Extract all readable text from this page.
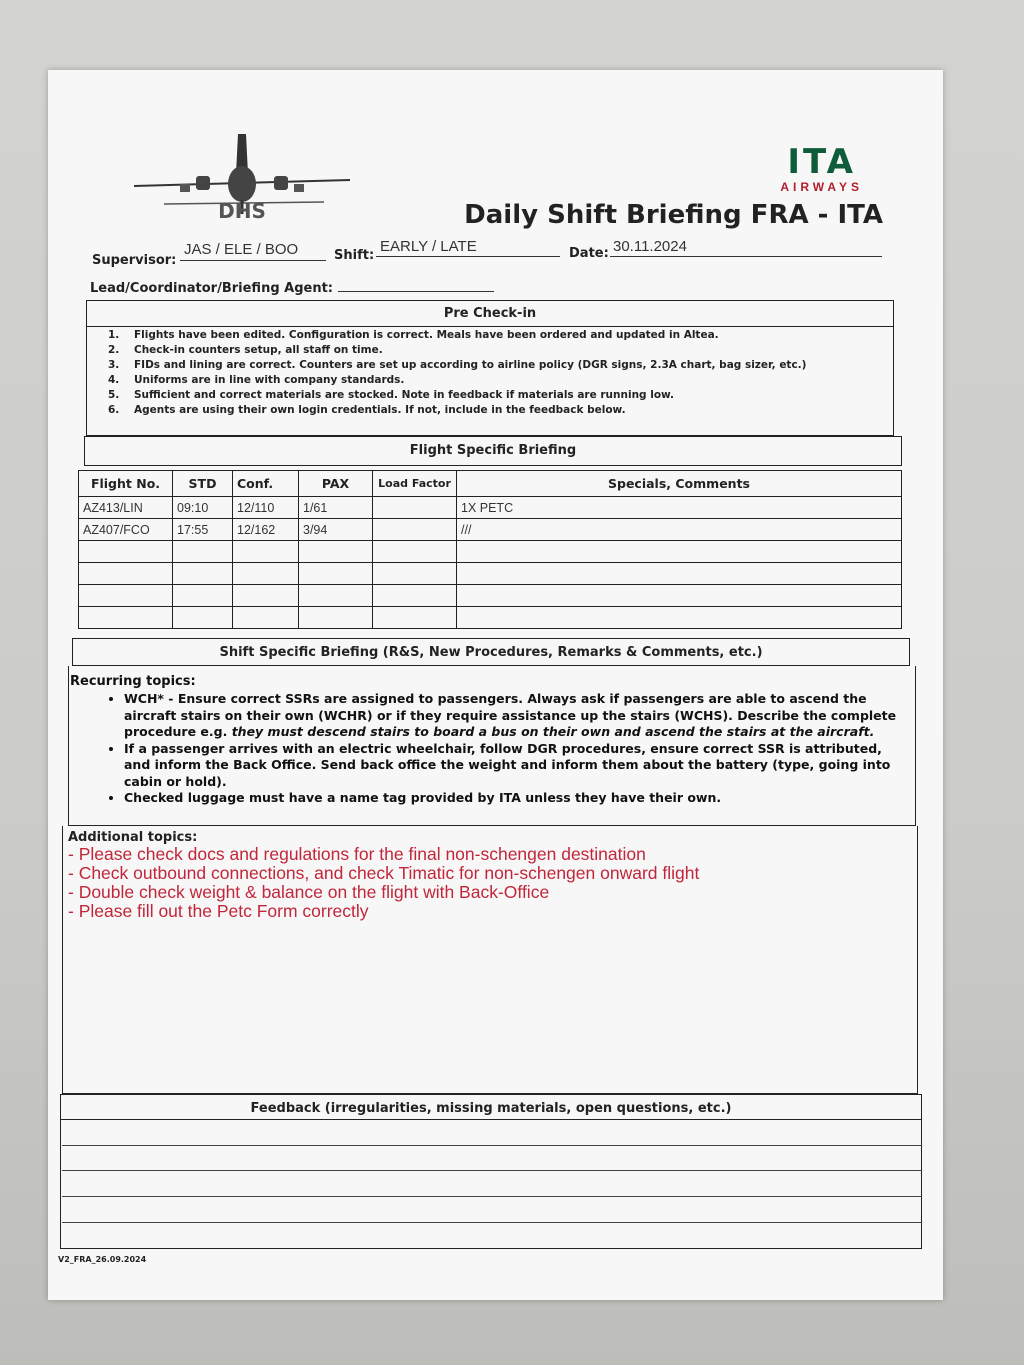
DHS
ITA
AIRWAYS
Daily Shift Briefing FRA - ITA
Supervisor:
JAS / ELE / BOO	Shift:
EARLY / LATE	Date: 30.11.2024
Lead/Coordinator/Briefing Agent:
Pre Check-in
1. Flights have been edited. Configuration is correct. Meals have been ordered and updated in Altea.
2. Check-in counters setup, all staff on time.
3. FIDs and lining are correct. Counters are set up according to airline policy (DGR signs, 2.3A chart, bag sizer, etc.)
4. Uniforms are in line with company standards.
5. Sufficient and correct materials are stocked. Note in feedback if materials are running low.
6. Agents are using their own login credentials. If not, include in the feedback below.
Flight Specific Briefing
Flight No.	STD	Conf.	PAX	Load Factor	Specials, Comments
AZ413/LIN	09:10	12/110	1/61		1X PETC
AZ407/FCO	17:55	12/162	3/94		///

Shift Specific Briefing (R&S, New Procedures, Remarks & Comments, etc.)
Recurring topics:
• WCH* - Ensure correct SSRs are assigned to passengers. Always ask if passengers are able to ascend the aircraft stairs on their own (WCHR) or if they require assistance up the stairs (WCHS). Describe the complete procedure e.g. they must descend stairs to board a bus on their own and ascend the stairs at the aircraft.
• If a passenger arrives with an electric wheelchair, follow DGR procedures, ensure correct SSR is attributed, and inform the Back Office. Send back office the weight and inform them about the battery (type, going into cabin or hold).
• Checked luggage must have a name tag provided by ITA unless they have their own.
Additional topics:
- Please check docs and regulations for the final non-schengen destination
- Check outbound connections, and check Timatic for non-schengen onward flight
- Double check weight & balance on the flight with Back-Office
- Please fill out the Petc Form correctly
Feedback (irregularities, missing materials, open questions, etc.)
V2_FRA_26.09.2024
